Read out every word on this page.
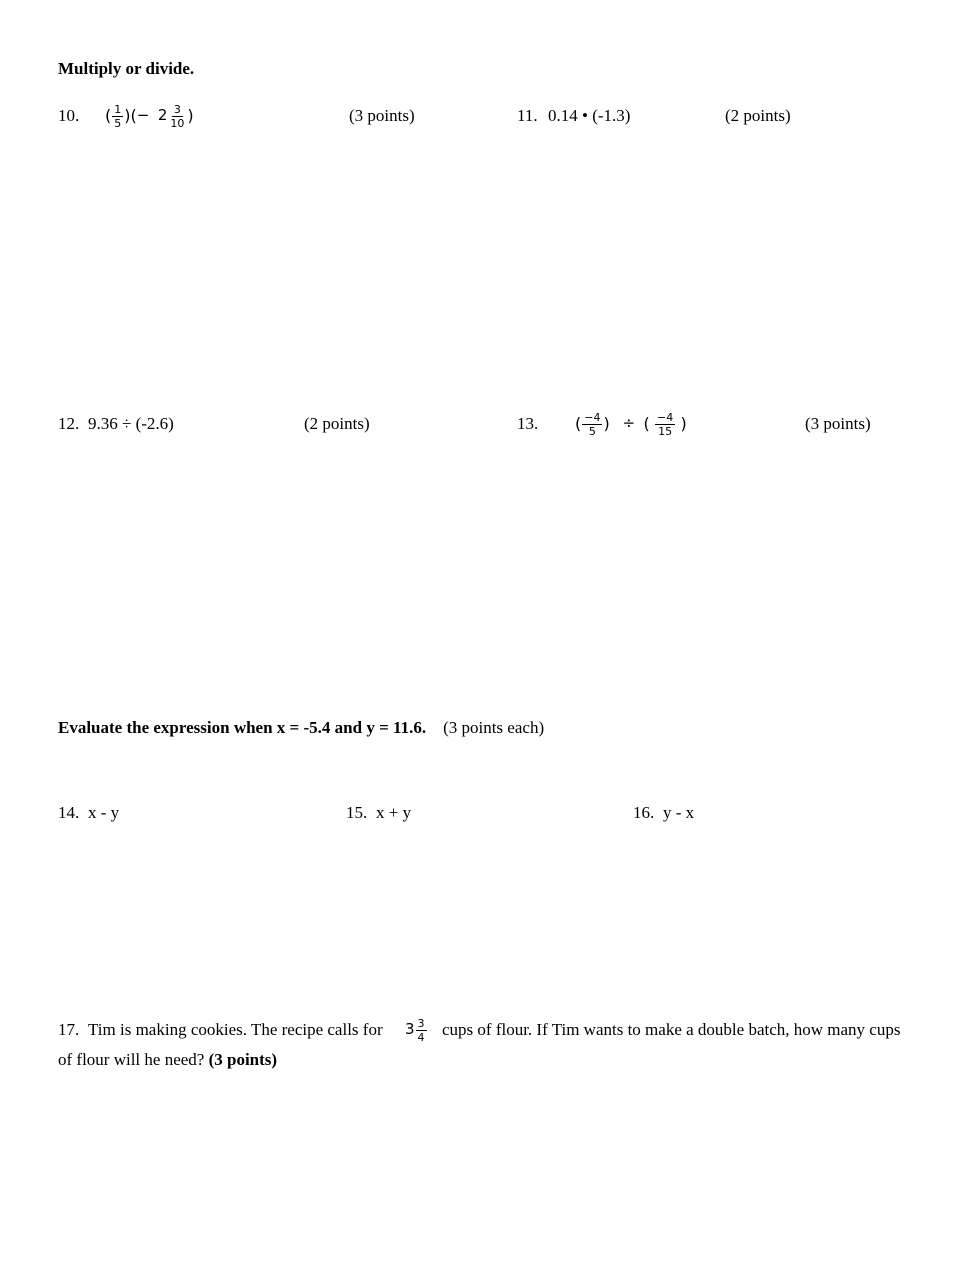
Multiply or divide.
10. ( $\frac{1}{5}$ )(− $2 \frac{3}{10}$ )	(3 points)	11. 0.14 • (-1.3)	(2 points)
12. 9.36 ÷ (-2.6)	(2 points)	13. ( $\frac{-4}{5}$ ) ÷ ( $\frac{-4}{15}$ )	(3 points)
Evaluate the expression when x = -5.4 and y = 11.6. (3 points each)
14. x - y	15. x + y	16. y - x
17. Tim is making cookies. The recipe calls for $3 \frac{3}{4}$ cups of flour. If Tim wants to make a double batch, how many cups
of flour will he need? (3 points)
